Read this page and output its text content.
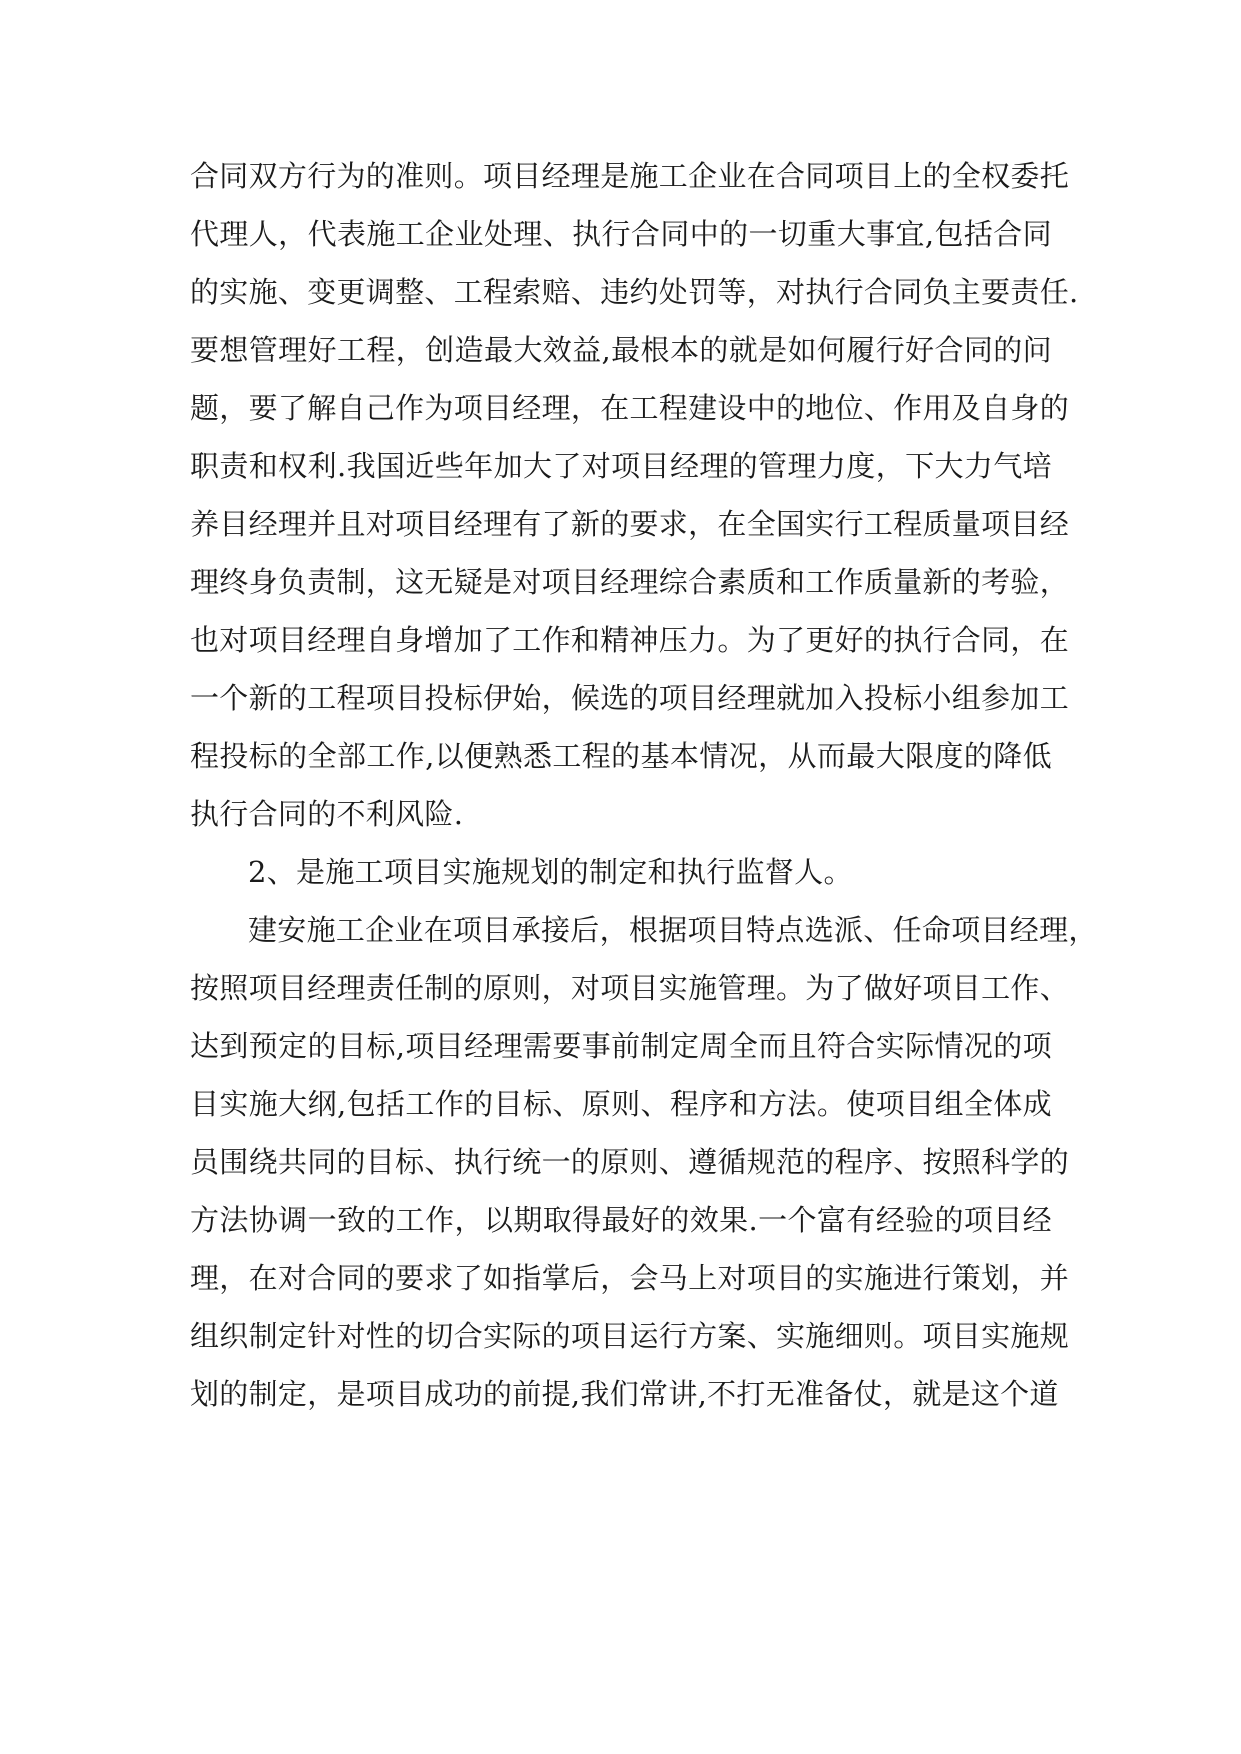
合同双方行为的准则。项目经理是施工企业在合同项目上的全权委托
代理人，代表施工企业处理、执行合同中的一切重大事宜,包括合同
的实施、变更调整、工程索赔、违约处罚等，对执行合同负主要责任.
要想管理好工程，创造最大效益,最根本的就是如何履行好合同的问
题，要了解自己作为项目经理，在工程建设中的地位、作用及自身的
职责和权利.我国近些年加大了对项目经理的管理力度，下大力气培
养目经理并且对项目经理有了新的要求，在全国实行工程质量项目经
理终身负责制，这无疑是对项目经理综合素质和工作质量新的考验，
也对项目经理自身增加了工作和精神压力。为了更好的执行合同，在
一个新的工程项目投标伊始，候选的项目经理就加入投标小组参加工
程投标的全部工作,以便熟悉工程的基本情况，从而最大限度的降低
执行合同的不利风险.
2、是施工项目实施规划的制定和执行监督人。
建安施工企业在项目承接后，根据项目特点选派、任命项目经理，
按照项目经理责任制的原则，对项目实施管理。为了做好项目工作、
达到预定的目标,项目经理需要事前制定周全而且符合实际情况的项
目实施大纲,包括工作的目标、原则、程序和方法。使项目组全体成
员围绕共同的目标、执行统一的原则、遵循规范的程序、按照科学的
方法协调一致的工作，以期取得最好的效果.一个富有经验的项目经
理，在对合同的要求了如指掌后，会马上对项目的实施进行策划，并
组织制定针对性的切合实际的项目运行方案、实施细则。项目实施规
划的制定，是项目成功的前提,我们常讲,不打无准备仗，就是这个道
